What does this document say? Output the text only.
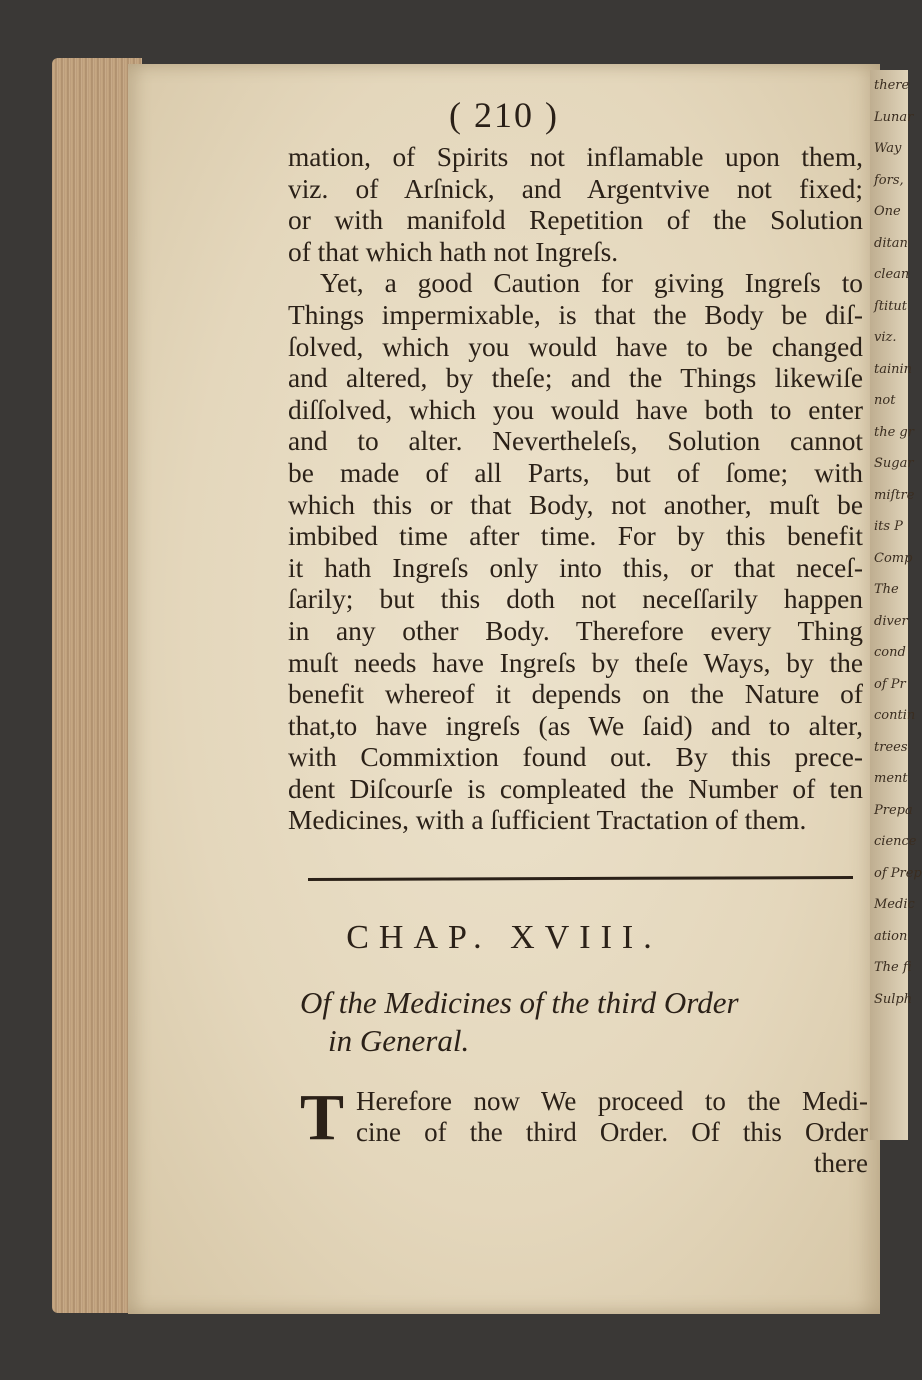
( 210 )
mation, of Spirits not inflamable upon them,
viz. of Arſnick, and Argentvive not fixed;
or with manifold Repetition of the Solution
of that which hath not Ingreſs.
Yet, a good Caution for giving Ingreſs to
Things impermixable, is that the Body be diſ-
ſolved, which you would have to be changed
and altered, by theſe; and the Things likewiſe
diſſolved, which you would have both to enter
and to alter. Nevertheleſs, Solution cannot
be made of all Parts, but of ſome; with
which this or that Body, not another, muſt be
imbibed time after time. For by this benefit
it hath Ingreſs only into this, or that neceſ-
ſarily; but this doth not neceſſarily happen
in any other Body. Therefore every Thing
muſt needs have Ingreſs by theſe Ways, by the
benefit whereof it depends on the Nature of
that,to have ingreſs (as We ſaid) and to alter,
with Commixtion found out. By this prece-
dent Diſcourſe is compleated the Number of ten
Medicines, with a ſufficient Tractation of them.
CHAP. XVIII.
Of the Medicines of the third Order
in General.
T Herefore now We proceed to the Medi-
cine of the third Order. Of this Order
there
there
Lunar
Way
fors,
One
ditan
clean
ſtitut
viz.
tainin
not
the gr
Sugar
miſtre
its P
Comp
The
diver
cond
of Pr
contin
trees
ment
Prepa
cience
of Prep
Medic
ation
The fi
Sulph
